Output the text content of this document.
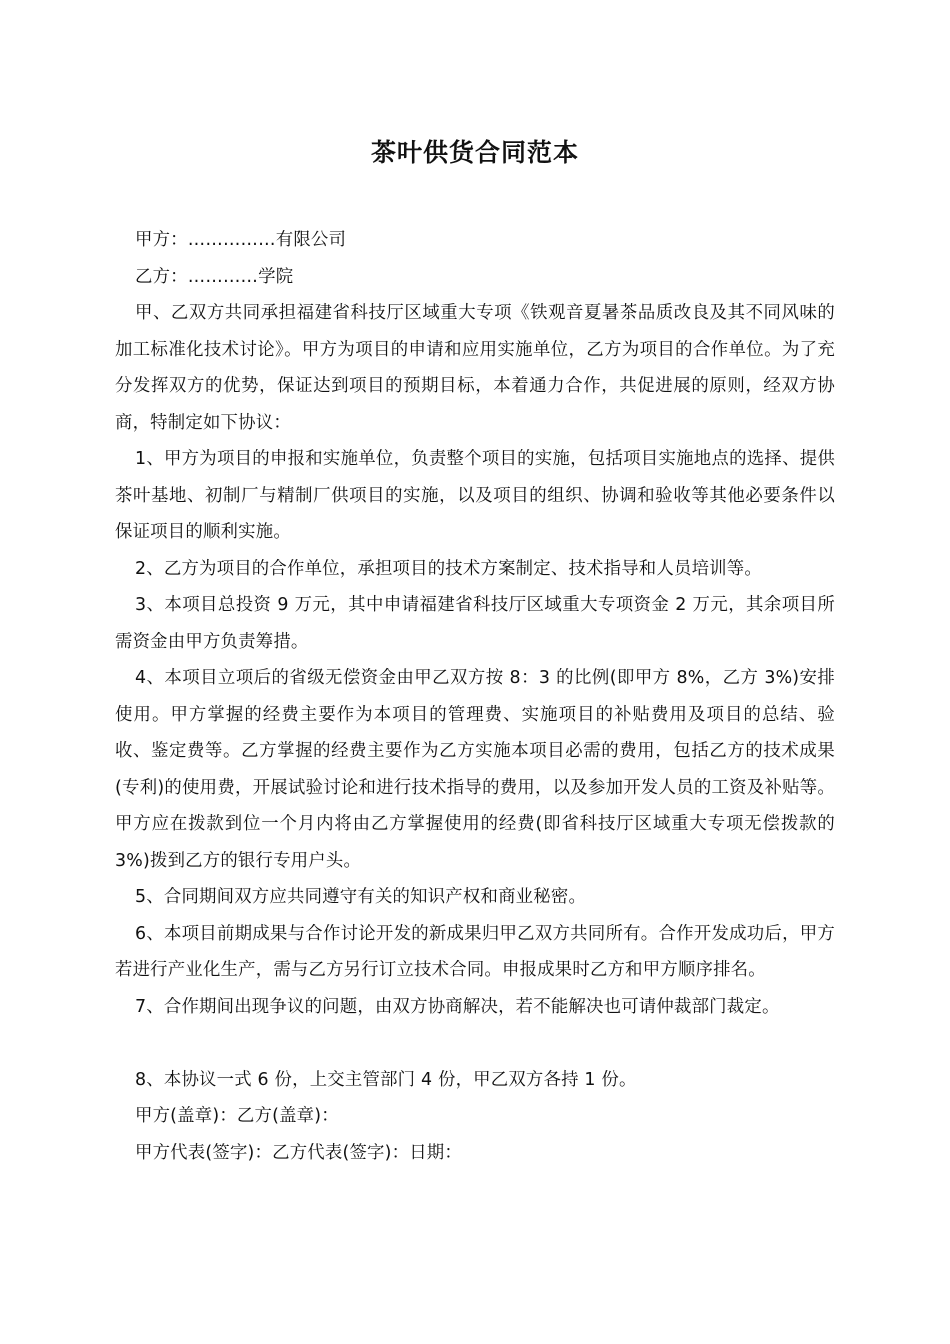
茶叶供货合同范本

甲方：……………有限公司

乙方：…………学院

甲、乙双方共同承担福建省科技厅区域重大专项《铁观音夏暑茶品质改良及其不同风味的加工标准化技术讨论》。甲方为项目的申请和应用实施单位，乙方为项目的合作单位。为了充分发挥双方的优势，保证达到项目的预期目标，本着通力合作，共促进展的原则，经双方协商，特制定如下协议：

1、甲方为项目的申报和实施单位，负责整个项目的实施，包括项目实施地点的选择、提供茶叶基地、初制厂与精制厂供项目的实施，以及项目的组织、协调和验收等其他必要条件以保证项目的顺利实施。

2、乙方为项目的合作单位，承担项目的技术方案制定、技术指导和人员培训等。

3、本项目总投资 9 万元，其中申请福建省科技厅区域重大专项资金 2 万元，其余项目所需资金由甲方负责筹措。

4、本项目立项后的省级无偿资金由甲乙双方按 8：3 的比例(即甲方 8%，乙方 3%)安排使用。甲方掌握的经费主要作为本项目的管理费、实施项目的补贴费用及项目的总结、验收、鉴定费等。乙方掌握的经费主要作为乙方实施本项目必需的费用，包括乙方的技术成果(专利)的使用费，开展试验讨论和进行技术指导的费用，以及参加开发人员的工资及补贴等。甲方应在拨款到位一个月内将由乙方掌握使用的经费(即省科技厅区域重大专项无偿拨款的 3%)拨到乙方的银行专用户头。

5、合同期间双方应共同遵守有关的知识产权和商业秘密。

6、本项目前期成果与合作讨论开发的新成果归甲乙双方共同所有。合作开发成功后，甲方若进行产业化生产，需与乙方另行订立技术合同。申报成果时乙方和甲方顺序排名。

7、合作期间出现争议的问题，由双方协商解决，若不能解决也可请仲裁部门裁定。

8、本协议一式 6 份，上交主管部门 4 份，甲乙双方各持 1 份。

甲方(盖章)：乙方(盖章)：

甲方代表(签字)：乙方代表(签字)：日期：
